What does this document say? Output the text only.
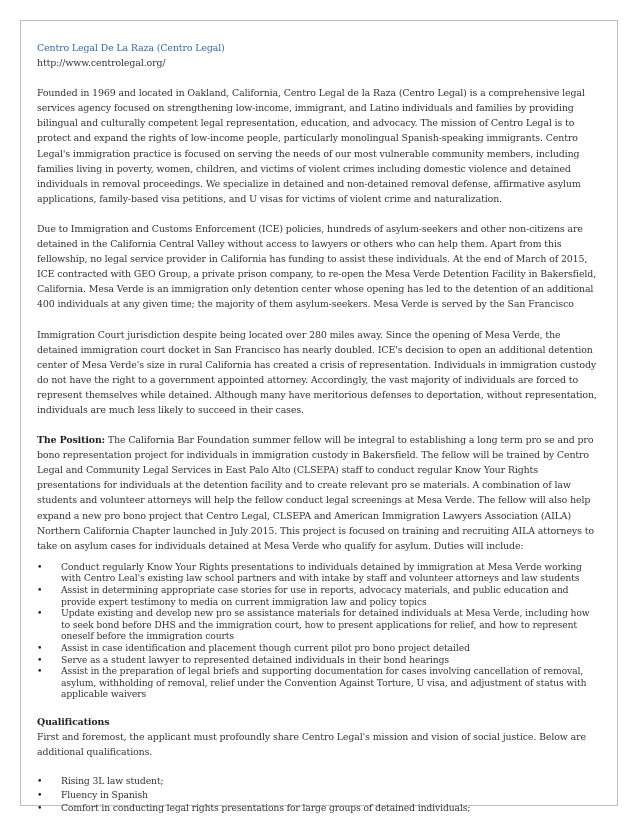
Centro Legal De La Raza (Centro Legal)

http://www.centrolegal.org/

Founded in 1969 and located in Oakland, California, Centro Legal de la Raza (Centro Legal) is a comprehensive legal services agency focused on strengthening low-income, immigrant, and Latino individuals and families by providing bilingual and culturally competent legal representation, education, and advocacy. The mission of Centro Legal is to protect and expand the rights of low-income people, particularly monolingual Spanish-speaking immigrants. Centro Legal's immigration practice is focused on serving the needs of our most vulnerable community members, including families living in poverty, women, children, and victims of violent crimes including domestic violence and detained individuals in removal proceedings. We specialize in detained and non-detained removal defense, affirmative asylum applications, family-based visa petitions, and U visas for victims of violent crime and naturalization.

Due to Immigration and Customs Enforcement (ICE) policies, hundreds of asylum-seekers and other non-citizens are detained in the California Central Valley without access to lawyers or others who can help them. Apart from this fellowship, no legal service provider in California has funding to assist these individuals. At the end of March of 2015, ICE contracted with GEO Group, a private prison company, to re-open the Mesa Verde Detention Facility in Bakersfield, California. Mesa Verde is an immigration only detention center whose opening has led to the detention of an additional 400 individuals at any given time; the majority of them asylum-seekers. Mesa Verde is served by the San Francisco

Immigration Court jurisdiction despite being located over 280 miles away. Since the opening of Mesa Verde, the detained immigration court docket in San Francisco has nearly doubled. ICE's decision to open an additional detention center of Mesa Verde's size in rural California has created a crisis of representation. Individuals in immigration custody do not have the right to a government appointed attorney. Accordingly, the vast majority of individuals are forced to represent themselves while detained. Although many have meritorious defenses to deportation, without representation, individuals are much less likely to succeed in their cases.

The Position: The California Bar Foundation summer fellow will be integral to establishing a long term pro se and pro bono representation project for individuals in immigration custody in Bakersfield. The fellow will be trained by Centro Legal and Community Legal Services in East Palo Alto (CLSEPA) staff to conduct regular Know Your Rights presentations for individuals at the detention facility and to create relevant pro se materials. A combination of law students and volunteer attorneys will help the fellow conduct legal screenings at Mesa Verde. The fellow will also help expand a new pro bono project that Centro Legal, CLSEPA and American Immigration Lawyers Association (AILA) Northern California Chapter launched in July 2015. This project is focused on training and recruiting AILA attorneys to take on asylum cases for individuals detained at Mesa Verde who qualify for asylum. Duties will include:

• Conduct regularly Know Your Rights presentations to individuals detained by immigration at Mesa Verde working with Centro Leal's existing law school partners and with intake by staff and volunteer attorneys and law students
• Assist in determining appropriate case stories for use in reports, advocacy materials, and public education and provide expert testimony to media on current immigration law and policy topics
• Update existing and develop new pro se assistance materials for detained individuals at Mesa Verde, including how to seek bond before DHS and the immigration court, how to present applications for relief, and how to represent oneself before the immigration courts
• Assist in case identification and placement though current pilot pro bono project detailed
• Serve as a student lawyer to represented detained individuals in their bond hearings
• Assist in the preparation of legal briefs and supporting documentation for cases involving cancellation of removal, asylum, withholding of removal, relief under the Convention Against Torture, U visa, and adjustment of status with applicable waivers

Qualifications

First and foremost, the applicant must profoundly share Centro Legal's mission and vision of social justice. Below are additional qualifications.

• Rising 3L law student;
• Fluency in Spanish
• Comfort in conducting legal rights presentations for large groups of detained individuals;
